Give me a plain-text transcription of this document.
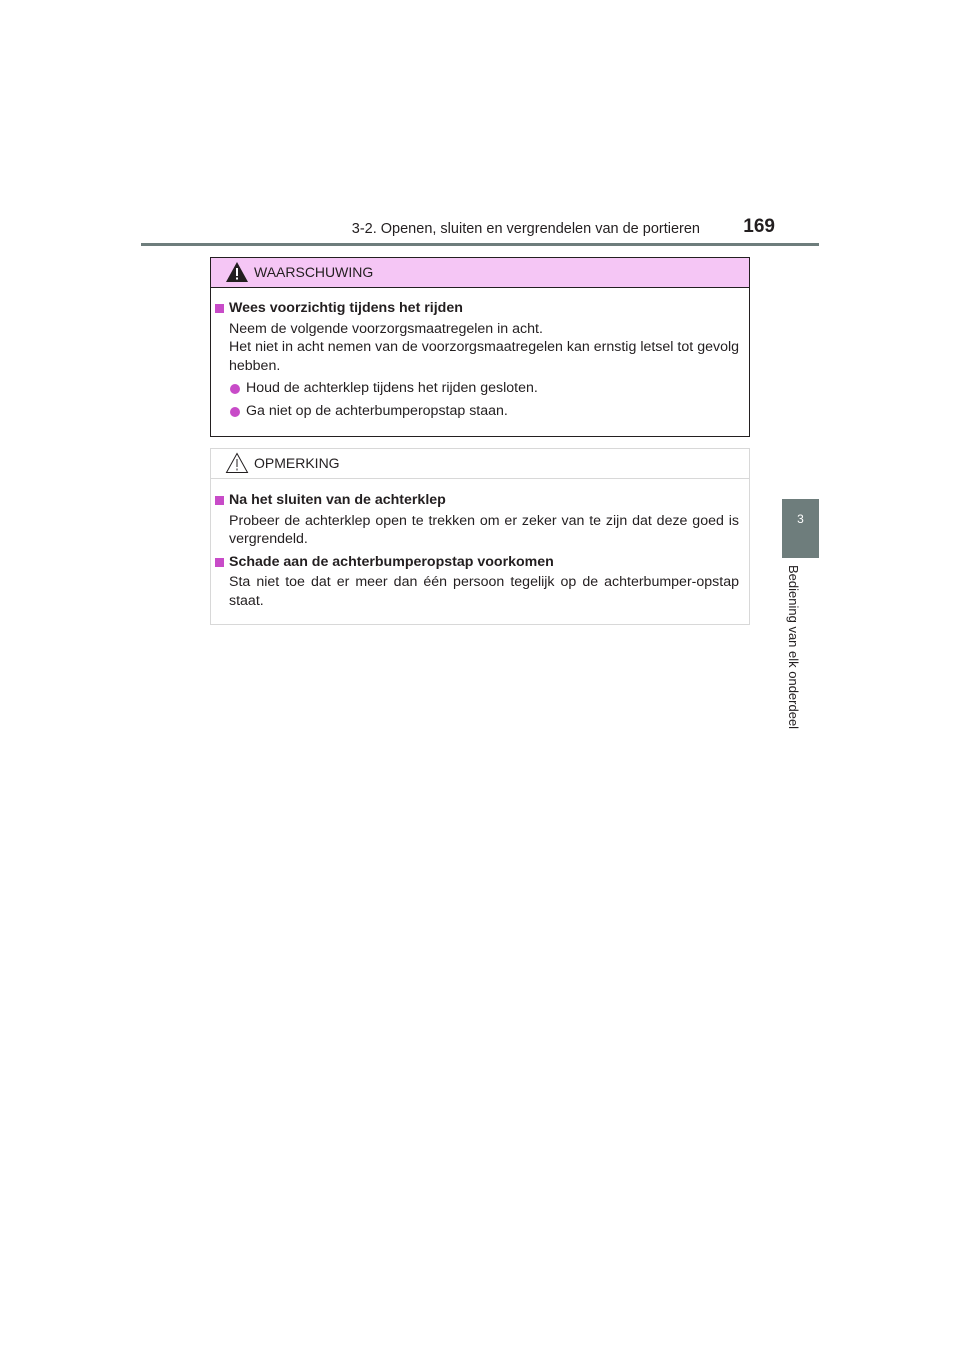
3-2. Openen, sluiten en vergrendelen van de portieren	169
3
Bediening van elk onderdeel
WAARSCHUWING
Wees voorzichtig tijdens het rijden

Neem de volgende voorzorgsmaatregelen in acht.

Het niet in acht nemen van de voorzorgsmaatregelen kan ernstig letsel tot gevolg hebben.

Houd de achterklep tijdens het rijden gesloten.
Ga niet op de achterbumperopstap staan.
OPMERKING
Na het sluiten van de achterklep

Probeer de achterklep open te trekken om er zeker van te zijn dat deze goed is vergrendeld.

Schade aan de achterbumperopstap voorkomen

Sta niet toe dat er meer dan één persoon tegelijk op de achterbumper-opstap staat.
